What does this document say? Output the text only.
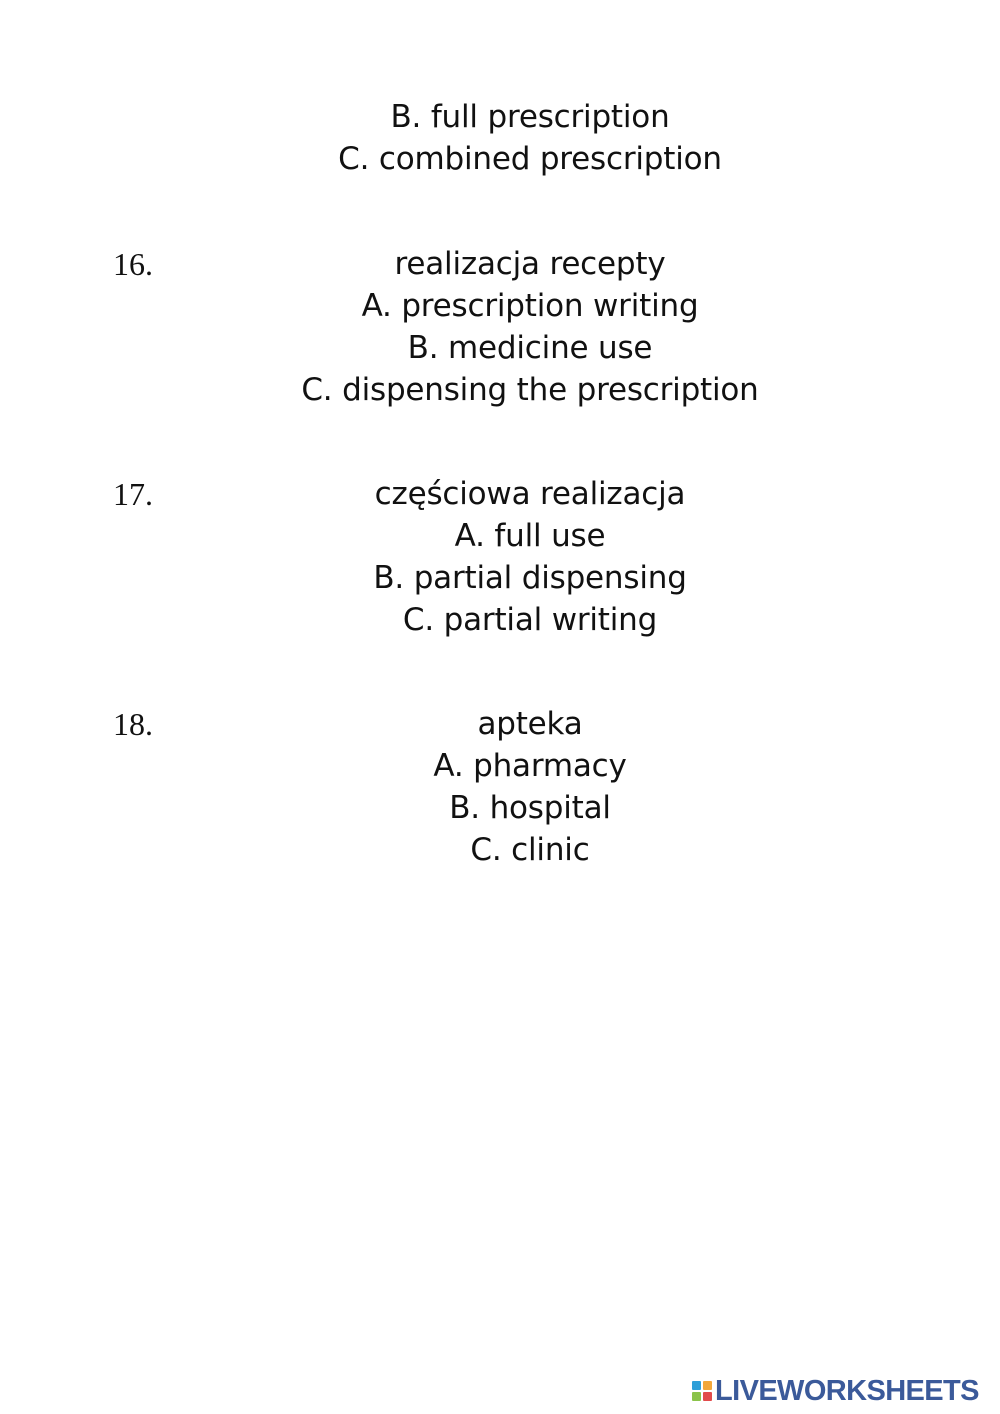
B. full prescription
C. combined prescription
16.	realizacja recepty
A. prescription writing
B. medicine use
C. dispensing the prescription
17.	częściowa realizacja
A. full use
B. partial dispensing
C. partial writing
18.	apteka
A. pharmacy
B. hospital
C. clinic
LIVEWORKSHEETS
